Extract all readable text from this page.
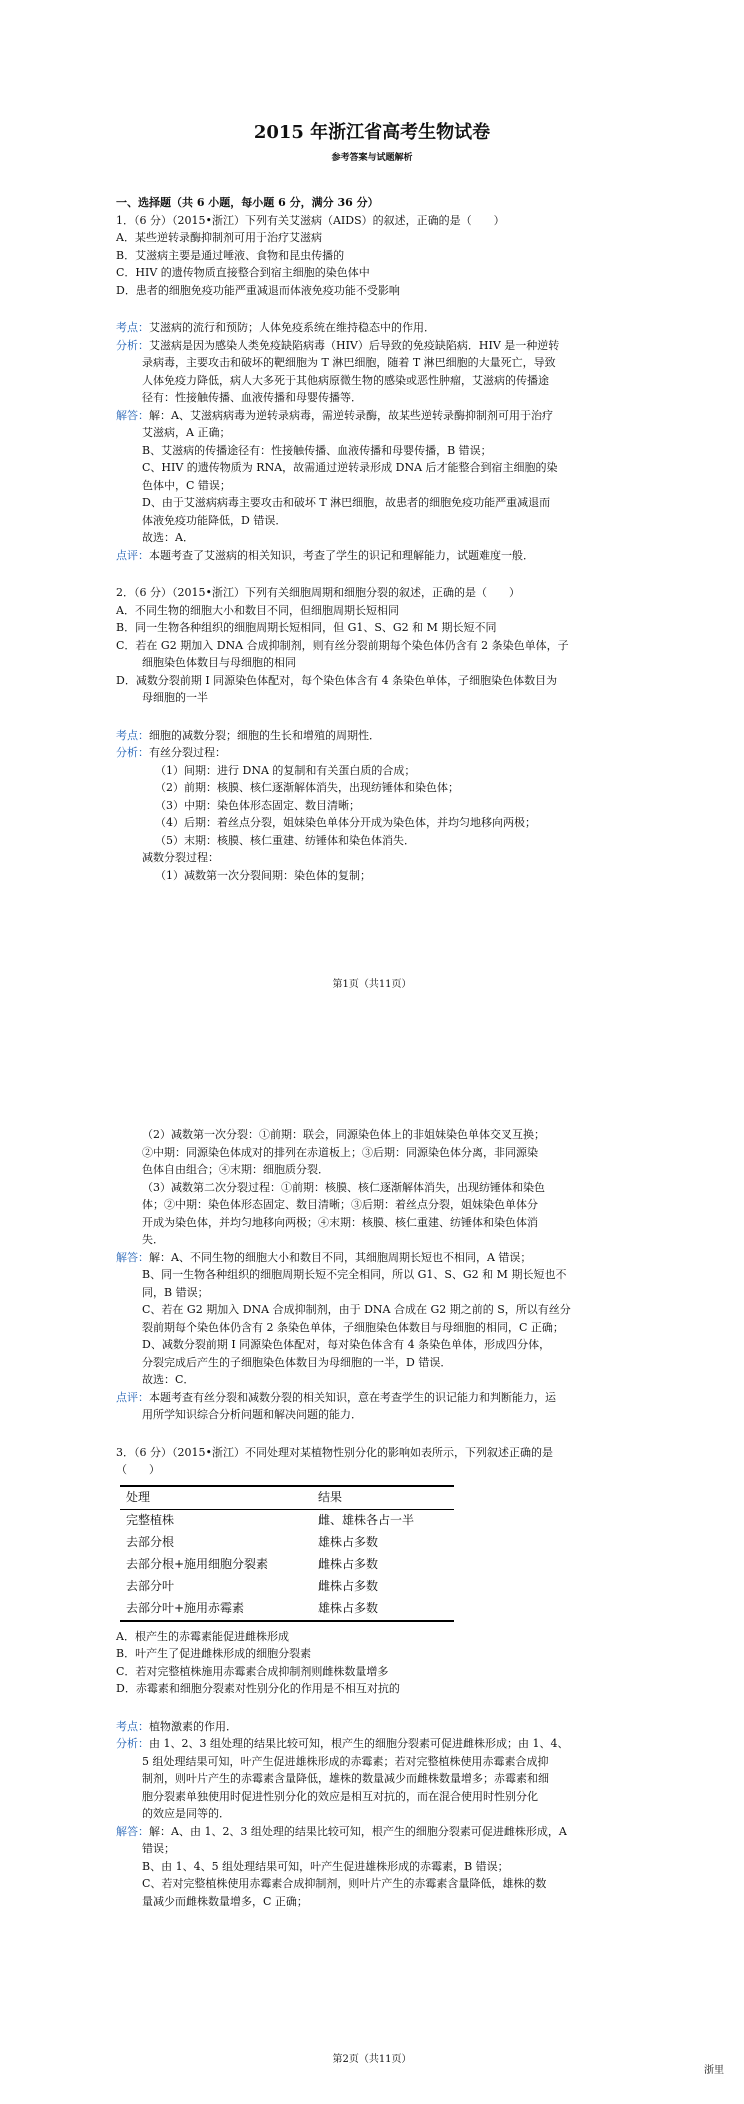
2015 年浙江省高考生物试卷
参考答案与试题解析
一、选择题（共 6 小题，每小题 6 分，满分 36 分）
1．（6 分）（2015•浙江）下列有关艾滋病（AIDS）的叙述，正确的是（　　）
A．某些逆转录酶抑制剂可用于治疗艾滋病
B．艾滋病主要是通过唾液、食物和昆虫传播的
C．HIV 的遗传物质直接整合到宿主细胞的染色体中
D．患者的细胞免疫功能严重减退而体液免疫功能不受影响
考点：艾滋病的流行和预防；人体免疫系统在维持稳态中的作用．
分析：艾滋病是因为感染人类免疫缺陷病毒（HIV）后导致的免疫缺陷病．HIV 是一种逆转
录病毒，主要攻击和破坏的靶细胞为 T 淋巴细胞，随着 T 淋巴细胞的大量死亡，导致
人体免疫力降低，病人大多死于其他病原微生物的感染或恶性肿瘤，艾滋病的传播途
径有：性接触传播、血液传播和母婴传播等．
解答：解：A、艾滋病病毒为逆转录病毒，需逆转录酶，故某些逆转录酶抑制剂可用于治疗
艾滋病，A 正确；
B、艾滋病的传播途径有：性接触传播、血液传播和母婴传播，B 错误；
C、HIV 的遗传物质为 RNA，故需通过逆转录形成 DNA 后才能整合到宿主细胞的染
色体中，C 错误；
D、由于艾滋病病毒主要攻击和破坏 T 淋巴细胞，故患者的细胞免疫功能严重减退而
体液免疫功能降低，D 错误．
故选：A．
点评：本题考查了艾滋病的相关知识，考查了学生的识记和理解能力，试题难度一般．
2．（6 分）（2015•浙江）下列有关细胞周期和细胞分裂的叙述，正确的是（　　）
A．不同生物的细胞大小和数目不同，但细胞周期长短相同
B．同一生物各种组织的细胞周期长短相同，但 G1、S、G2 和 M 期长短不同
C．若在 G2 期加入 DNA 合成抑制剂，则有丝分裂前期每个染色体仍含有 2 条染色单体，子
细胞染色体数目与母细胞的相同
D．减数分裂前期 I 同源染色体配对，每个染色体含有 4 条染色单体，子细胞染色体数目为
母细胞的一半
考点：细胞的减数分裂；细胞的生长和增殖的周期性．
分析：有丝分裂过程：
（1）间期：进行 DNA 的复制和有关蛋白质的合成；
（2）前期：核膜、核仁逐渐解体消失，出现纺锤体和染色体；
（3）中期：染色体形态固定、数目清晰；
（4）后期：着丝点分裂，姐妹染色单体分开成为染色体，并均匀地移向两极；
（5）末期：核膜、核仁重建、纺锤体和染色体消失．
减数分裂过程：
（1）减数第一次分裂间期：染色体的复制；
第1页（共11页）
（2）减数第一次分裂：①前期：联会，同源染色体上的非姐妹染色单体交叉互换；
②中期：同源染色体成对的排列在赤道板上；③后期：同源染色体分离，非同源染
色体自由组合；④末期：细胞质分裂．
（3）减数第二次分裂过程：①前期：核膜、核仁逐渐解体消失，出现纺锤体和染色
体；②中期：染色体形态固定、数目清晰；③后期：着丝点分裂，姐妹染色单体分
开成为染色体，并均匀地移向两极；④末期：核膜、核仁重建、纺锤体和染色体消
失．
解答：解：A、不同生物的细胞大小和数目不同，其细胞周期长短也不相同，A 错误；
B、同一生物各种组织的细胞周期长短不完全相同，所以 G1、S、G2 和 M 期长短也不
同，B 错误；
C、若在 G2 期加入 DNA 合成抑制剂，由于 DNA 合成在 G2 期之前的 S，所以有丝分
裂前期每个染色体仍含有 2 条染色单体，子细胞染色体数目与母细胞的相同，C 正确；
D、减数分裂前期 I 同源染色体配对，每对染色体含有 4 条染色单体，形成四分体，
分裂完成后产生的子细胞染色体数目为母细胞的一半，D 错误．
故选：C．
点评：本题考查有丝分裂和减数分裂的相关知识，意在考查学生的识记能力和判断能力，运
用所学知识综合分析问题和解决问题的能力．
3．（6 分）（2015•浙江）不同处理对某植物性别分化的影响如表所示，下列叙述正确的是
（　　）
处理	结果
完整植株	雌、雄株各占一半
去部分根	雄株占多数
去部分根+施用细胞分裂素	雌株占多数
去部分叶	雌株占多数
去部分叶+施用赤霉素	雄株占多数
A．根产生的赤霉素能促进雌株形成
B．叶产生了促进雌株形成的细胞分裂素
C．若对完整植株施用赤霉素合成抑制剂则雌株数量增多
D．赤霉素和细胞分裂素对性别分化的作用是不相互对抗的
考点：植物激素的作用．
分析：由 1、2、3 组处理的结果比较可知，根产生的细胞分裂素可促进雌株形成；由 1、4、
5 组处理结果可知，叶产生促进雄株形成的赤霉素；若对完整植株使用赤霉素合成抑
制剂，则叶片产生的赤霉素含量降低，雄株的数量减少而雌株数量增多；赤霉素和细
胞分裂素单独使用时促进性别分化的效应是相互对抗的，而在混合使用时性别分化
的效应是同等的．
解答：解：A、由 1、2、3 组处理的结果比较可知，根产生的细胞分裂素可促进雌株形成，A
错误；
B、由 1、4、5 组处理结果可知，叶产生促进雄株形成的赤霉素，B 错误；
C、若对完整植株使用赤霉素合成抑制剂，则叶片产生的赤霉素含量降低，雄株的数
量减少而雌株数量增多，C 正确；
第2页（共11页）
浙里
